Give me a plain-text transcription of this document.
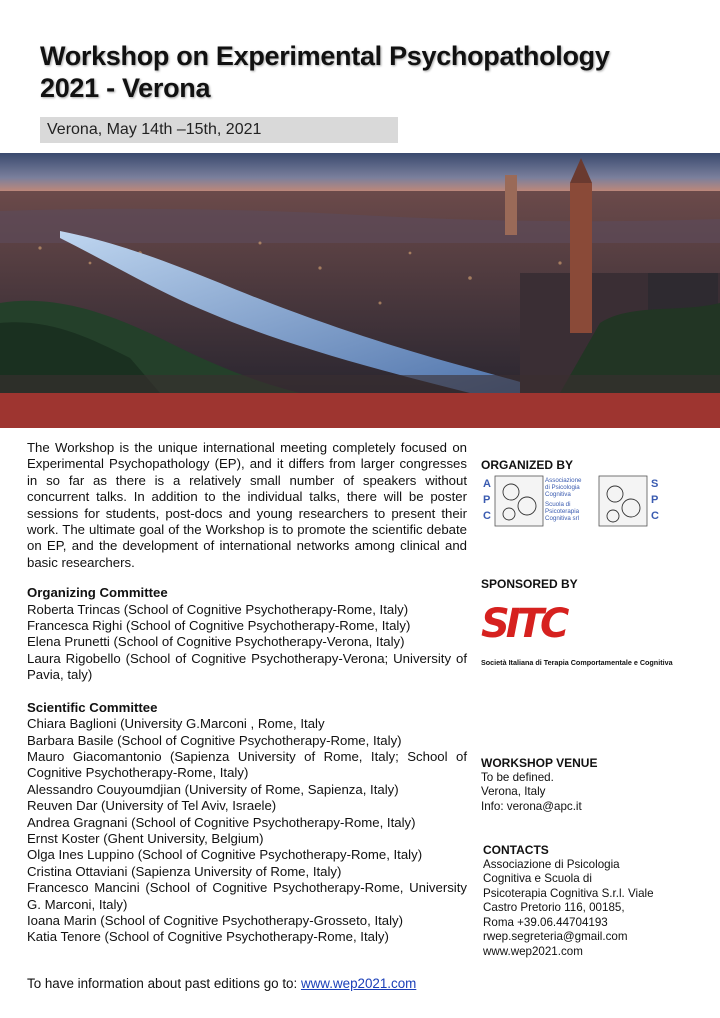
Workshop on Experimental Psychopathology
2021 - Verona
Verona, May 14th –15th, 2021

The Workshop is the unique international meeting completely focused on Experimental Psychopathology (EP), and it differs from larger congresses in so far as there is a relatively small number of speakers without concurrent talks. In addition to the individual talks, there will be poster sessions for students, post-docs and young researchers to present their work. The ultimate goal of the Workshop is to promote the scientific debate on EP, and the development of international networks among clinical and basic researchers.

Organizing Committee

Roberta Trincas (School of Cognitive Psychotherapy-Rome, Italy)
Francesca Righi (School of Cognitive Psychotherapy-Rome, Italy)
Elena Prunetti (School of Cognitive Psychotherapy-Verona, Italy)
Laura Rigobello (School of Cognitive Psychotherapy-Verona; University of Pavia, taly)

Scientific Committee

Chiara Baglioni (University G.Marconi , Rome, Italy
Barbara Basile (School of Cognitive Psychotherapy-Rome, Italy)
Mauro Giacomantonio (Sapienza University of Rome, Italy; School of Cognitive Psychotherapy-Rome, Italy)
Alessandro Couyoumdjian (University of Rome, Sapienza, Italy)
Reuven Dar (University of Tel Aviv, Israele)
Andrea Gragnani (School of Cognitive Psychotherapy-Rome, Italy)
Ernst Koster (Ghent University, Belgium)
Olga Ines Luppino (School of Cognitive Psychotherapy-Rome, Italy)
Cristina Ottaviani (Sapienza University of Rome, Italy)
Francesco Mancini (School of Cognitive Psychotherapy-Rome, University G. Marconi, Italy)
Ioana Marin (School of Cognitive Psychotherapy-Grosseto, Italy)
Katia Tenore (School of Cognitive Psychotherapy-Rome, Italy)
To have information about past editions go to: www.wep2021.com
ORGANIZED BY
A
P
C
S
P
C
Associazione
di Psicologia
Cognitiva
Scuola di
Psicoterapia
Cognitiva srl
SPONSORED BY
SITC
Società Italiana di Terapia Comportamentale e Cognitiva
WORKSHOP VENUE
To be defined.
Verona, Italy
Info: verona@apc.it
CONTACTS
Associazione di Psicologia
Cognitiva e Scuola di
Psicoterapia Cognitiva S.r.l. Viale
Castro Pretorio 116, 00185,
Roma +39.06.44704193
rwep.segreteria@gmail.com
www.wep2021.com
